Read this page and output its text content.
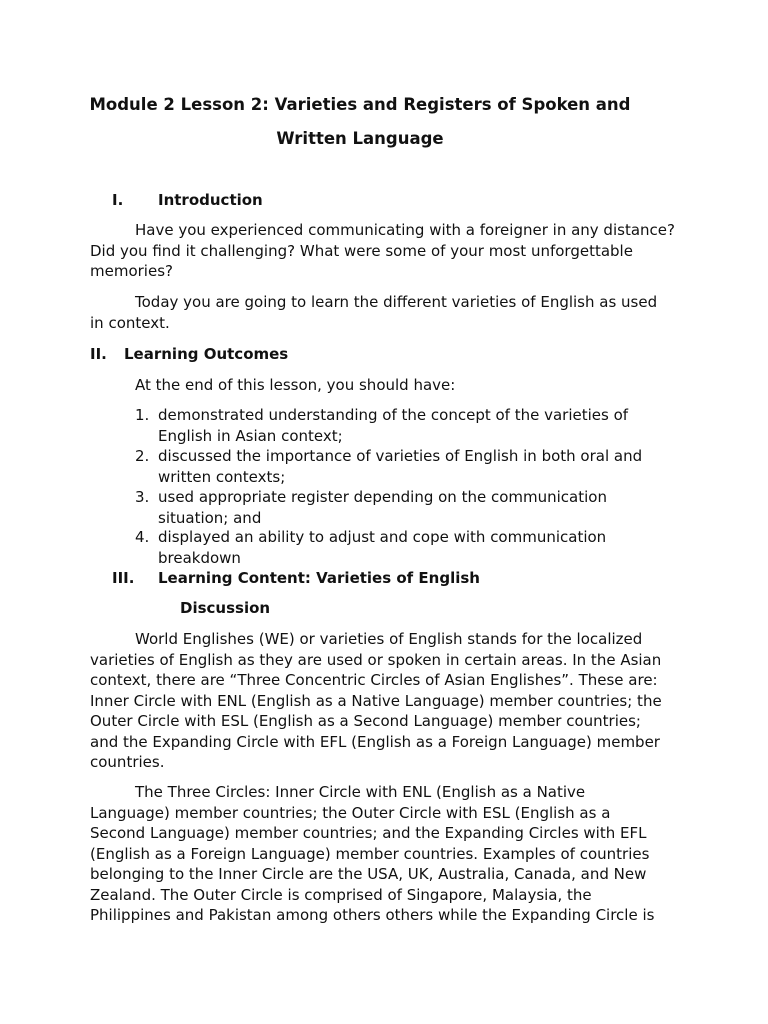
Module 2 Lesson 2: Varieties and Registers of Spoken and
Written Language
I. Introduction
Have you experienced communicating with a foreigner in any distance?
Did you find it challenging? What were some of your most unforgettable
memories?
Today you are going to learn the different varieties of English as used
in context.
II. Learning Outcomes
At the end of this lesson, you should have:
1. demonstrated understanding of the concept of the varieties of
English in Asian context;
2. discussed the importance of varieties of English in both oral and
written contexts;
3. used appropriate register depending on the communication
situation; and
4. displayed an ability to adjust and cope with communication
breakdown
III. Learning Content: Varieties of English
Discussion
World Englishes (WE) or varieties of English stands for the localized
varieties of English as they are used or spoken in certain areas. In the Asian
context, there are “Three Concentric Circles of Asian Englishes”. These are:
Inner Circle with ENL (English as a Native Language) member countries; the
Outer Circle with ESL (English as a Second Language) member countries;
and the Expanding Circle with EFL (English as a Foreign Language) member
countries.
The Three Circles: Inner Circle with ENL (English as a Native
Language) member countries; the Outer Circle with ESL (English as a
Second Language) member countries; and the Expanding Circles with EFL
(English as a Foreign Language) member countries. Examples of countries
belonging to the Inner Circle are the USA, UK, Australia, Canada, and New
Zealand. The Outer Circle is comprised of Singapore, Malaysia, the
Philippines and Pakistan among others others while the Expanding Circle is
